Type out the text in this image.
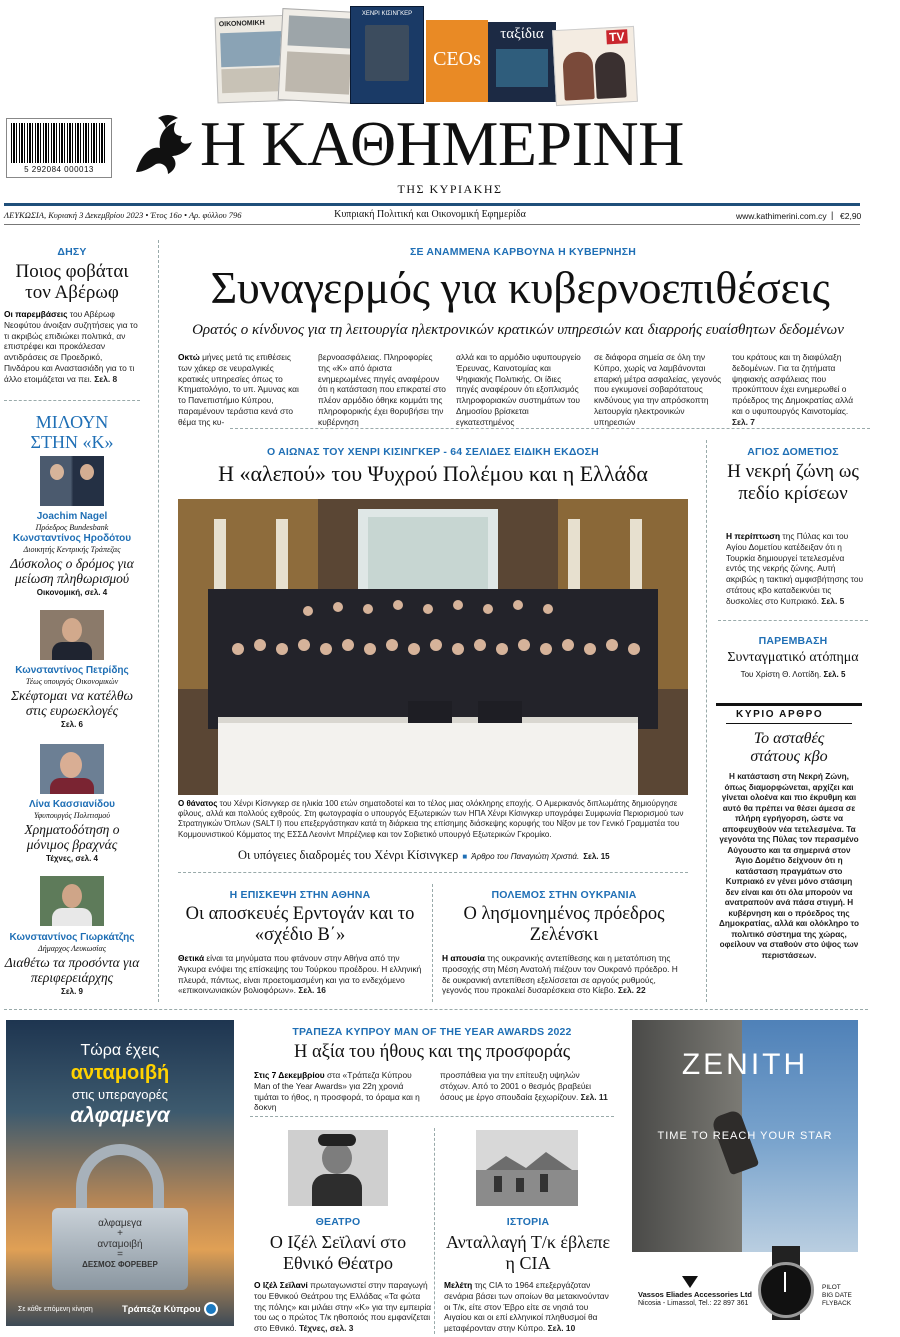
ΟΙΚΟΝΟΜΙΚΗ
ΧΕΝΡΙ ΚΙΣΙΝΓΚΕΡ
CEOs
ταξίδια	TV
5 292084 000013 Η ΚΑΘΗΜΕΡΙΝΗ
ΤΗΣ ΚΥΡΙΑΚΗΣ
ΛΕΥΚΩΣΙΑ, Κυριακή 3 Δεκεμβρίου 2023 • Έτος 16ο • Αρ. φύλλου 796	Κυπριακή Πολιτική και Οικονομική Εφημερίδα	www.kathimerini.com.cy | €2,90
ΔΗΣΥ
Ποιος φοβάται τον Αβέρωφ
Οι παρεμβάσεις του Αβέρωφ Νεοφύτου άνοιξαν συζητήσεις για το τι ακριβώς επιδιώκει πολιτικά, αν επιστρέφει και προκάλεσαν αντιδράσεις σε Προεδρικό, Πινδάρου και Αναστασιάδη για το τι άλλο ετοιμάζεται να πει. Σελ. 8
ΜΙΛΟΥΝ ΣΤΗΝ «Κ»
Joachim Nagel
Πρόεδρος Bundesbank
Κωνσταντίνος Ηροδότου
Διοικητής Κεντρικής Τράπεζας
Δύσκολος ο δρόμος για μείωση πληθωρισμού
Οικονομική, σελ. 4
Κωνσταντίνος Πετρίδης
Τέως υπουργός Οικονομικών
Σκέφτομαι να κατέλθω στις ευρωεκλογές
Σελ. 6
Λίνα Κασσιανίδου
Υφυπουργός Πολιτισμού
Χρηματοδότηση ο μόνιμος βραχνάς
Τέχνες, σελ. 4
Κωνσταντίνος Γιωρκάτζης
Δήμαρχος Λευκωσίας
Διαθέτω τα προσόντα για περιφερειάρχης
Σελ. 9
ΣΕ ΑΝΑΜΜΕΝΑ ΚΑΡΒΟΥΝΑ Η ΚΥΒΕΡΝΗΣΗ
Συναγερμός για κυβερνοεπιθέσεις
Ορατός ο κίνδυνος για τη λειτουργία ηλεκτρονικών κρατικών υπηρεσιών και διαρροής ευαίσθητων δεδομένων
Οκτώ μήνες μετά τις επιθέσεις των χάκερ σε νευραλγικές κρατικές υπηρεσίες όπως το Κτηματολόγιο, το υπ. Άμυνας και το Πανεπιστήμιο Κύπρου, παραμένουν τεράστια κενά στο θέμα της κυ-
βερνοασφάλειας. Πληροφορίες της «Κ» από άριστα ενημερωμένες πηγές αναφέρουν ότι η κατάσταση που επικρατεί στο πλέον αρμόδιο όθηκε κομμάτι της πληροφορικής έχει θορυβήσει την κυβέρνηση
αλλά και το αρμόδιο υφυπουργείο Έρευνας, Καινοτομίας και Ψηφιακής Πολιτικής. Οι ίδιες πηγές αναφέρουν ότι εξοπλισμός πληροφοριακών συστημάτων του Δημοσίου βρίσκεται εγκατεστημένος
σε διάφορα σημεία σε όλη την Κύπρο, χωρίς να λαμβάνονται επαρκή μέτρα ασφαλείας, γεγονός που εγκυμονεί σοβαρότατους κινδύνους για την απρόσκοπτη λειτουργία ηλεκτρονικών υπηρεσιών
του κράτους και τη διαφύλαξη δεδομένων. Για τα ζητήματα ψηφιακής ασφάλειας που προκύπτουν έχει ενημερωθεί ο πρόεδρος της Δημοκρατίας αλλά και ο υφυπουργός Καινοτομίας. Σελ. 7
Ο ΑΙΩΝΑΣ ΤΟΥ ΧΕΝΡΙ ΚΙΣΙΝΓΚΕΡ - 64 ΣΕΛΙΔΕΣ ΕΙΔΙΚΗ ΕΚΔΟΣΗ
Η «αλεπού» του Ψυχρού Πολέμου και η Ελλάδα
Ο θάνατος του Χένρι Κίσινγκερ σε ηλικία 100 ετών σηματοδοτεί και το τέλος μιας ολόκληρης εποχής. Ο Αμερικανός διπλωμάτης δημιούργησε φίλους, αλλά και πολλούς εχθρούς. Στη φωτογραφία ο υπουργός Εξωτερικών των ΗΠΑ Χένρι Κίσινγκερ υπογράφει Συμφωνία Περιορισμού των Στρατηγικών Όπλων (SALT I) που επεξεργάστηκαν κατά τη διάρκεια της επίσημης διάσκεψης κορυφής του Νίξον με τον Γενικό Γραμματέα του Κομμουνιστικού Κόμματος της ΕΣΣΔ Λεονίντ Μπρέζνιεφ και τον Σοβιετικό υπουργό Εξωτερικών Γκρομίκο.
Οι υπόγειες διαδρομές του Χένρι Κίσινγκερ ■ Άρθρο του Παναγιώτη Χριστιά. Σελ. 15
Η ΕΠΙΣΚΕΨΗ ΣΤΗΝ ΑΘΗΝΑ
Οι αποσκευές Ερντογάν και το «σχέδιο Β΄»
Θετικά είναι τα μηνύματα που φτάνουν στην Αθήνα από την Άγκυρα ενόψει της επίσκεψης του Τούρκου προέδρου. Η ελληνική πλευρά, πάντως, είναι προετοιμασμένη και για το ενδεχόμενο «επικοινωνιακών βολιοφόρων». Σελ. 16
ΠΟΛΕΜΟΣ ΣΤΗΝ ΟΥΚΡΑΝΙΑ
Ο λησμονημένος πρόεδρος Ζελένσκι
Η απουσία της ουκρανικής αντεπίθεσης και η μετατόπιση της προσοχής στη Μέση Ανατολή πιέζουν τον Ουκρανό πρόεδρο. Η δε ουκρανική αντεπίθεση εξελίσσεται σε αργούς ρυθμούς, γεγονός που προκαλεί δυσαρέσκεια στο Κίεβο. Σελ. 22
ΑΓΙΟΣ ΔΟΜΕΤΙΟΣ
Η νεκρή ζώνη ως πεδίο κρίσεων
Η περίπτωση της Πύλας και του Αγίου Δομετίου κατέδειξαν ότι η Τουρκία δημιουργεί τετελεσμένα εντός της νεκρής ζώνης. Αυτή ακριβώς η τακτική αμφισβήτησης του στάτους κβο καταδεικνύει τις δυσκολίες στο Κυπριακό. Σελ. 5
ΠΑΡΕΜΒΑΣΗ
Συνταγματικό ατόπημα
Του Χρίστη Θ. Λοττίδη. Σελ. 5
ΚΥΡΙΟ ΑΡΘΡΟ
Το ασταθές στάτους κβο
Η κατάσταση στη Νεκρή Ζώνη, όπως διαμορφώνεται, αρχίζει και γίνεται ολοένα και πιο έκρυθμη και αυτό θα πρέπει να θέσει άμεσα σε πλήρη εγρήγορση, ώστε να αποφευχθούν νέα τετελεσμένα. Τα γεγονότα της Πύλας τον περασμένο Αύγουστο και τα σημερινά στον Άγιο Δομέτιο δείχνουν ότι η κατάσταση πραγμάτων στο Κυπριακό εν γένει μόνο στάσιμη δεν είναι και ότι όλα μπορούν να ανατραπούν ανά πάσα στιγμή. Η κυβέρνηση και ο πρόεδρος της Δημοκρατίας, αλλά και ολόκληρο το πολιτικό σύστημα της χώρας, οφείλουν να σταθούν στο ύψος των περιστάσεων.
ΤΡΑΠΕΖΑ ΚΥΠΡΟΥ MAN OF THE YEAR AWARDS 2022
Η αξία του ήθους και της προσφοράς
Στις 7 Δεκεμβρίου στα «Τράπεζα Κύπρου Man of the Year Awards» για 22η χρονιά τιμάται το ήθος, η προσφορά, το όραμα και η δοκνη
προσπάθεια για την επίτευξη υψηλών στόχων. Από το 2001 ο θεσμός βραβεύει όσους με έργο σπουδαία ξεχωρίζουν. Σελ. 11
ΘΕΑΤΡΟ
Ο Ιζέλ Σεϊλανί στο Εθνικό Θέατρο
Ο Ιζέλ Σεϊλανί πρωταγωνιστεί στην παραγωγή του Εθνικού Θεάτρου της Ελλάδας «Τα φώτα της πόλης» και μιλάει στην «Κ» για την εμπειρία του ως ο πρώτος Τ/κ ηθοποιός που εμφανίζεται στο Εθνικό. Τέχνες, σελ. 3
ΙΣΤΟΡΙΑ
Ανταλλαγή Τ/κ έβλεπε η CIA
Μελέτη της CIA το 1964 επεξεργάζοταν σενάρια βάσει των οποίων θα μετακινούνταν οι Τ/κ, είτε στον Έβρο είτε σε νησιά του Αιγαίου και οι επί ελληνικοί πληθυσμοί θα μεταφέρονταν στην Κύπρο. Σελ. 10
Τώρα έχεις
ανταμοιβή
στις υπεραγορές
αλφαμεγα
αλφαμεγα
+
ανταμοιβή
=
ΔΕΣΜΟΣ ΦΟΡΕΒΕΡ
Σε κάθε επόμενη κίνηση	Τράπεζα Κύπρου
ZENITH
TIME TO REACH YOUR STAR
Vassos Eliades Accessories Ltd
Nicosia - Limassol, Tel.: 22 897 361
PILOT
BIG DATE
FLYBACK
